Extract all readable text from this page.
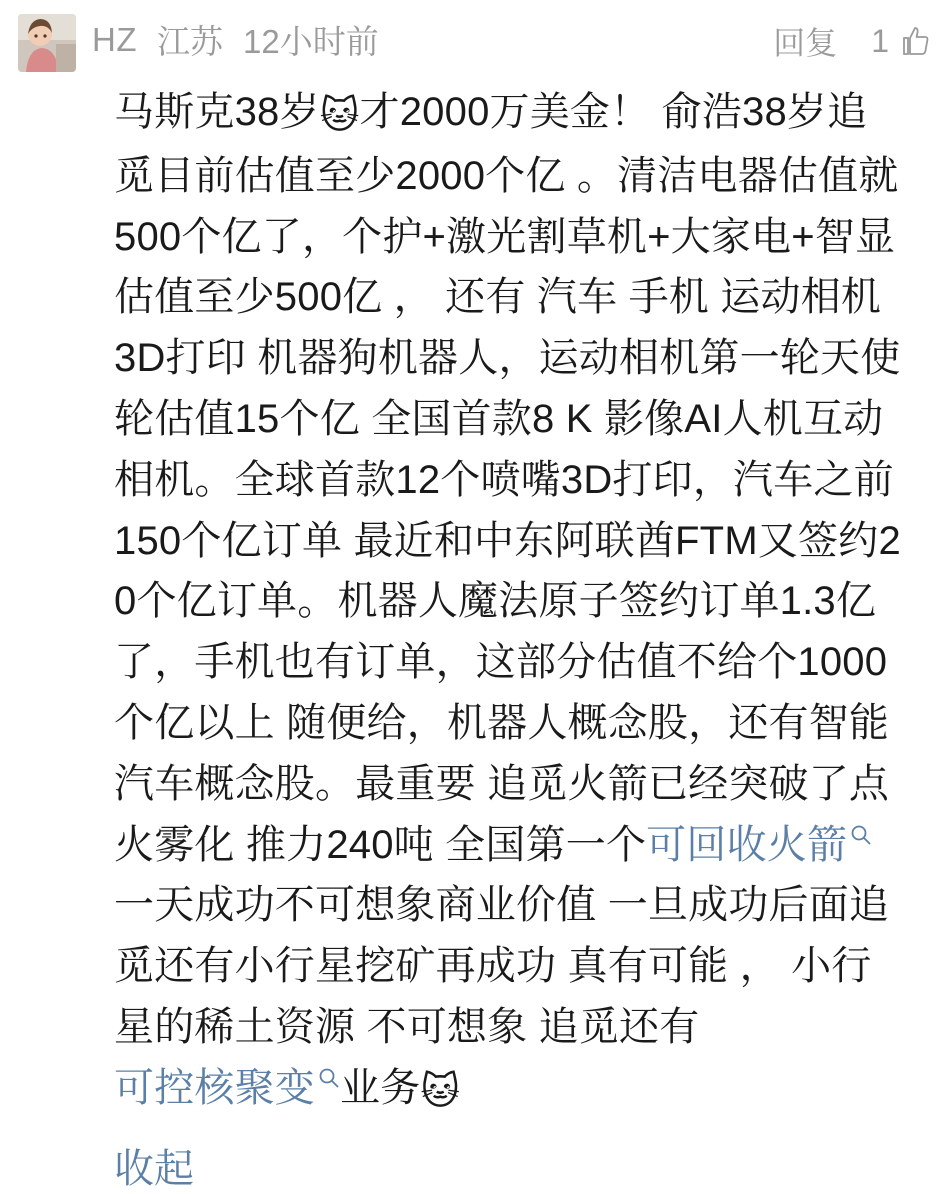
HZ 江苏 12小时前	回复 1
马斯克38岁🐱才2000万美金！ 俞浩38岁追觅目前估值至少2000个亿 。清洁电器估值就500个亿了，个护+激光割草机+大家电+智显 估值至少500亿 ， 还有 汽车 手机 运动相机 3D打印 机器狗机器人，运动相机第一轮天使轮估值15个亿 全国首款8 K 影像AI人机互动相机。全球首款12个喷嘴3D打印，汽车之前150个亿订单 最近和中东阿联酋FTM又签约20个亿订单。机器人魔法原子签约订单1.3亿了，手机也有订单，这部分估值不给个1000个亿以上 随便给，机器人概念股，还有智能汽车概念股。最重要 追觅火箭已经突破了点火雾化 推力240吨 全国第一个可回收火箭
一天成功不可想象商业价值 一旦成功后面追觅还有小行星挖矿再成功 真有可能 ， 小行星的稀土资源 不可想象 追觅还有可控核聚变 业务🐱
收起
